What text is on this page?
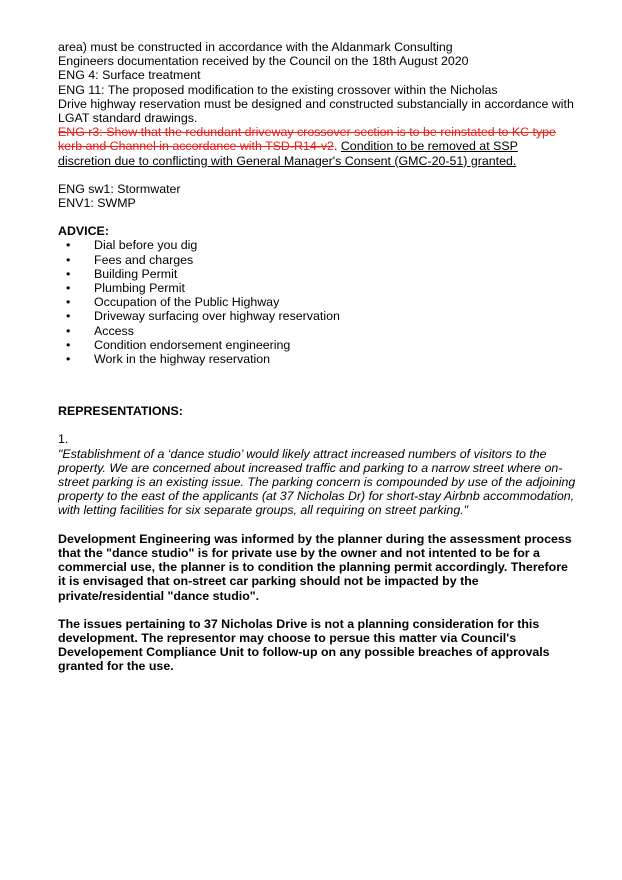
area) must be constructed in accordance with the Aldanmark Consulting

Engineers documentation received by the Council on the 18th August 2020

ENG 4: Surface treatment

ENG 11: The proposed modification to the existing crossover within the Nicholas

Drive highway reservation must be designed and constructed substancially in accordance with

LGAT standard drawings.

ENG r3: Show that the redundant driveway crossover section is to be reinstated to KC type

kerb and Channel in accordance with TSD-R14-v2. Condition to be removed at SSP

discretion due to conflicting with General Manager's Consent (GMC-20-51) granted.

ENG sw1: Stormwater

ENV1: SWMP

ADVICE:

• Dial before you dig
• Fees and charges
• Building Permit
• Plumbing Permit
• Occupation of the Public Highway
• Driveway surfacing over highway reservation
• Access
• Condition endorsement engineering
• Work in the highway reservation

REPRESENTATIONS:

1.

"Establishment of a ‘dance studio’ would likely attract increased numbers of visitors to the property. We are concerned about increased traffic and parking to a narrow street where on-street parking is an existing issue. The parking concern is compounded by use of the adjoining property to the east of the applicants (at 37 Nicholas Dr) for short-stay Airbnb accommodation, with letting facilities for six separate groups, all requiring on street parking."

Development Engineering was informed by the planner during the assessment process that the "dance studio" is for private use by the owner and not intented to be for a commercial use, the planner is to condition the planning permit accordingly. Therefore it is envisaged that on-street car parking should not be impacted by the private/residential "dance studio".

The issues pertaining to 37 Nicholas Drive is not a planning consideration for this development. The representor may choose to persue this matter via Council's Developement Compliance Unit to follow-up on any possible breaches of approvals granted for the use.
